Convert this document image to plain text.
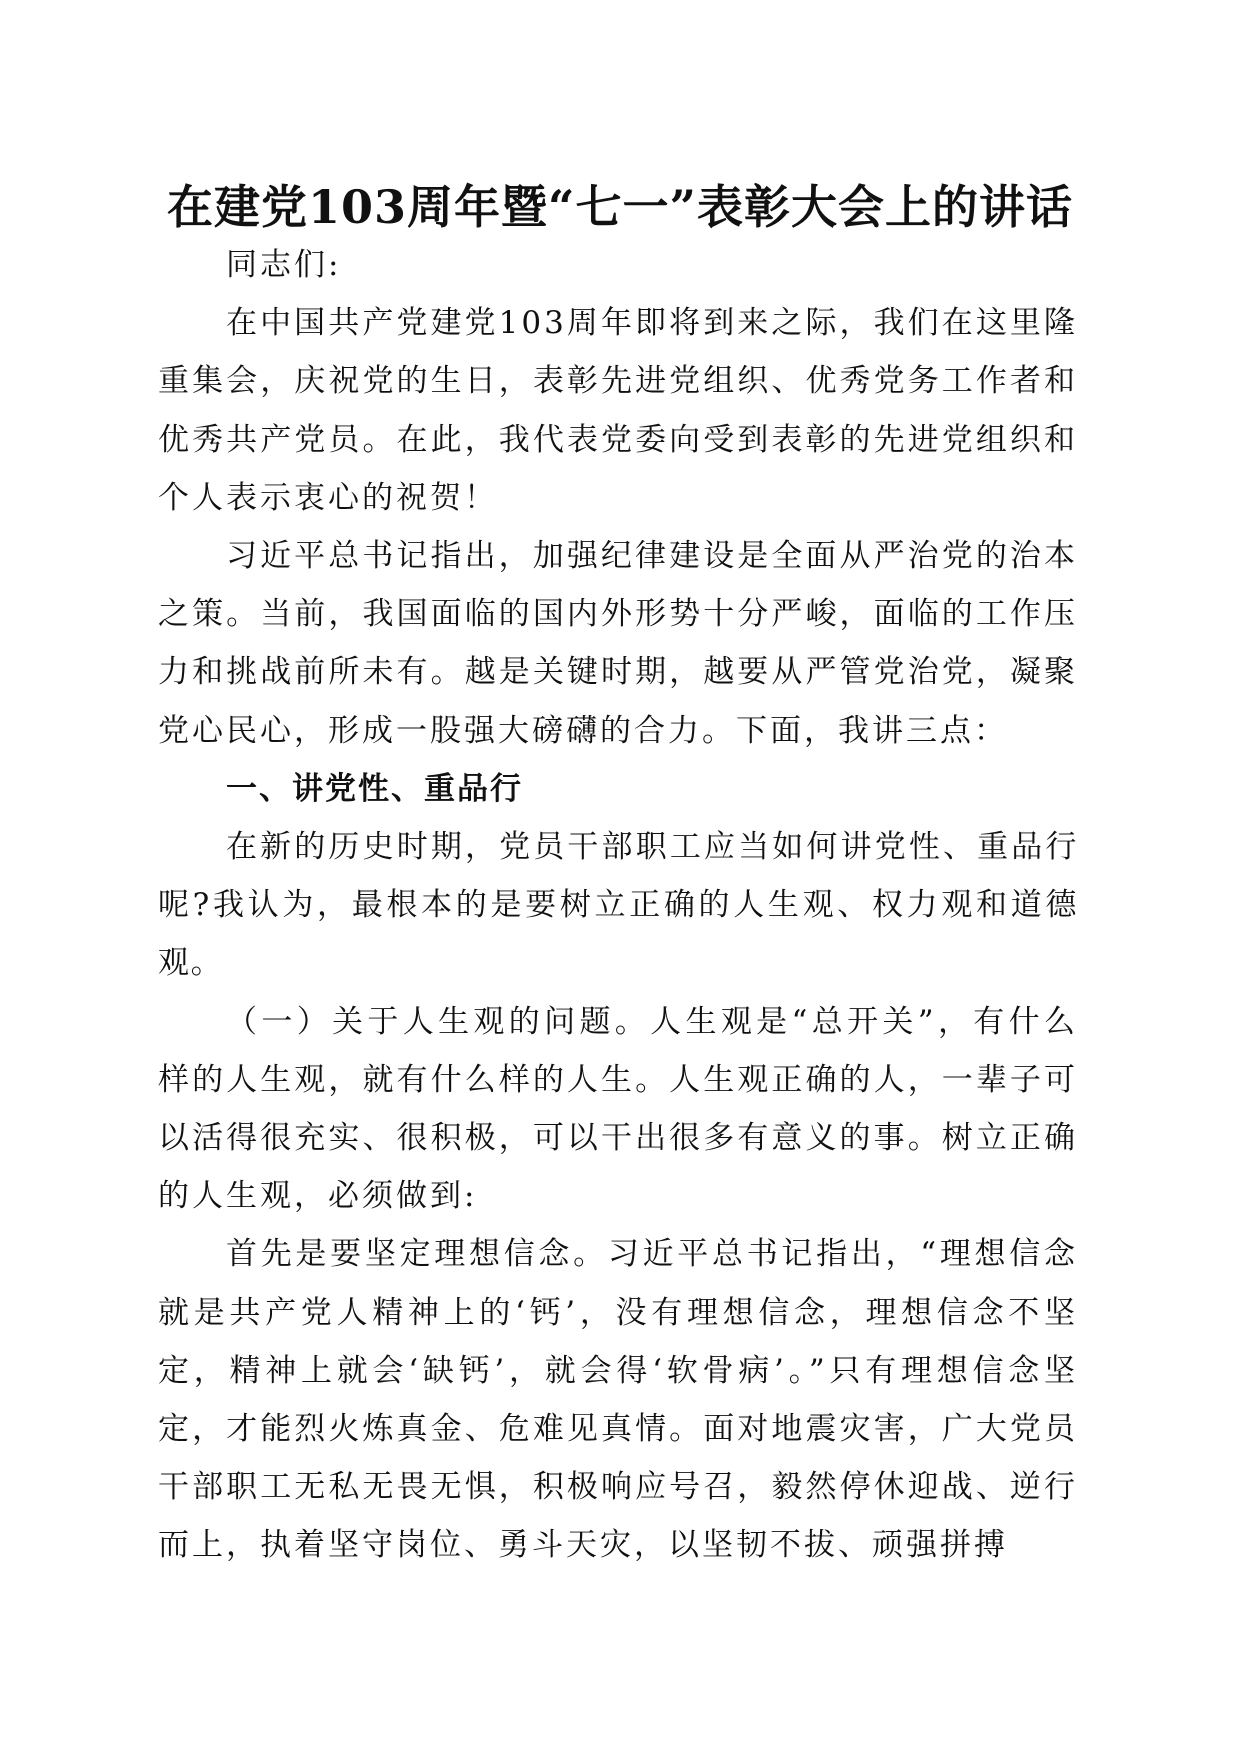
在建党103周年暨“七一”表彰大会上的讲话

同志们:

在中国共产党建党103周年即将到来之际，我们在这里隆重集会，庆祝党的生日，表彰先进党组织、优秀党务工作者和优秀共产党员。在此，我代表党委向受到表彰的先进党组织和个人表示衷心的祝贺！

习近平总书记指出，加强纪律建设是全面从严治党的治本之策。当前，我国面临的国内外形势十分严峻，面临的工作压力和挑战前所未有。越是关键时期，越要从严管党治党，凝聚党心民心，形成一股强大磅礴的合力。下面，我讲三点：

一、讲党性、重品行

在新的历史时期，党员干部职工应当如何讲党性、重品行呢?我认为，最根本的是要树立正确的人生观、权力观和道德观。

（一）关于人生观的问题。人生观是“总开关”，有什么样的人生观，就有什么样的人生。人生观正确的人，一辈子可以活得很充实、很积极，可以干出很多有意义的事。树立正确的人生观，必须做到:

首先是要坚定理想信念。习近平总书记指出，“理想信念就是共产党人精神上的‘钙’，没有理想信念，理想信念不坚定，精神上就会‘缺钙’，就会得‘软骨病’。”只有理想信念坚定，才能烈火炼真金、危难见真情。面对地震灾害，广大党员干部职工无私无畏无惧，积极响应号召，毅然停休迎战、逆行而上，执着坚守岗位、勇斗天灾，以坚韧不拔、顽强拼搏
